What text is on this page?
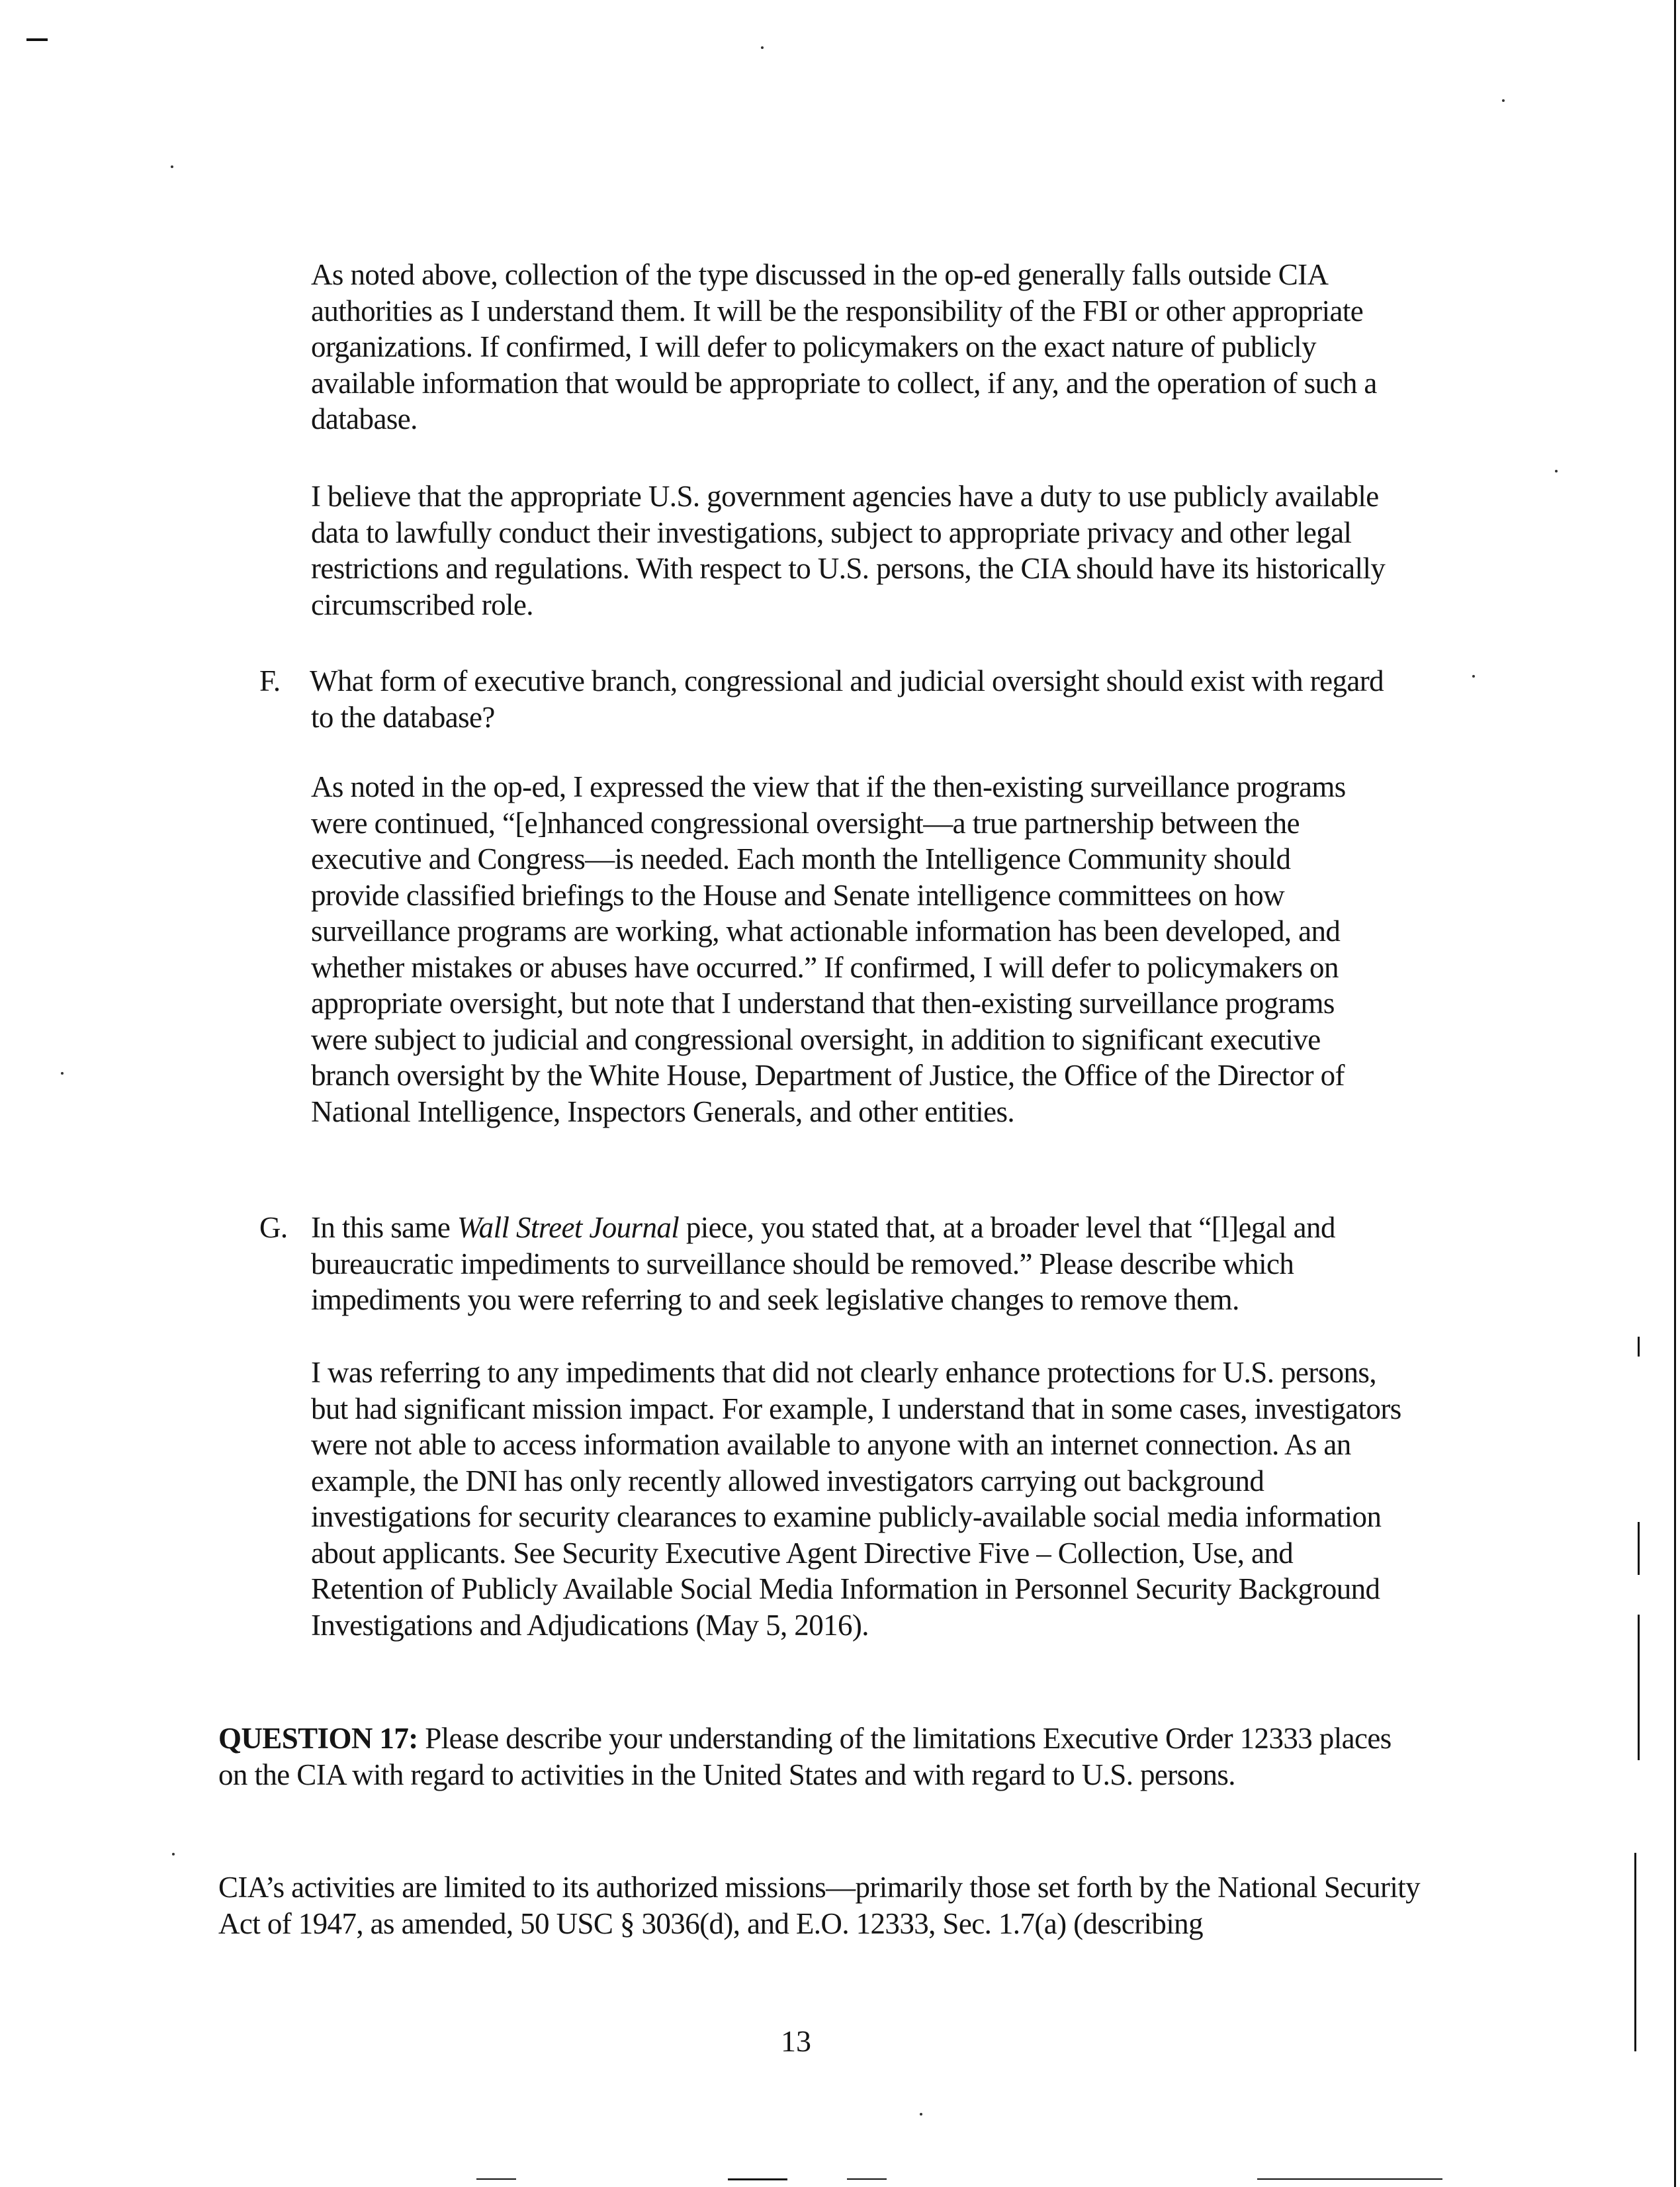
As noted above, collection of the type discussed in the op-ed generally falls outside CIA authorities as I understand them. It will be the responsibility of the FBI or other appropriate organizations. If confirmed, I will defer to policymakers on the exact nature of publicly available information that would be appropriate to collect, if any, and the operation of such a database.

I believe that the appropriate U.S. government agencies have a duty to use publicly available data to lawfully conduct their investigations, subject to appropriate privacy and other legal restrictions and regulations. With respect to U.S. persons, the CIA should have its historically circumscribed role.

F. What form of executive branch, congressional and judicial oversight should exist with regard to the database?

As noted in the op-ed, I expressed the view that if the then-existing surveillance programs were continued, “[e]nhanced congressional oversight—a true partnership between the executive and Congress—is needed. Each month the Intelligence Community should provide classified briefings to the House and Senate intelligence committees on how surveillance programs are working, what actionable information has been developed, and whether mistakes or abuses have occurred.” If confirmed, I will defer to policymakers on appropriate oversight, but note that I understand that then-existing surveillance programs were subject to judicial and congressional oversight, in addition to significant executive branch oversight by the White House, Department of Justice, the Office of the Director of National Intelligence, Inspectors Generals, and other entities.

G. In this same Wall Street Journal piece, you stated that, at a broader level that “[l]egal and bureaucratic impediments to surveillance should be removed.” Please describe which impediments you were referring to and seek legislative changes to remove them.

I was referring to any impediments that did not clearly enhance protections for U.S. persons, but had significant mission impact. For example, I understand that in some cases, investigators were not able to access information available to anyone with an internet connection. As an example, the DNI has only recently allowed investigators carrying out background investigations for security clearances to examine publicly-available social media information about applicants. See Security Executive Agent Directive Five – Collection, Use, and Retention of Publicly Available Social Media Information in Personnel Security Background Investigations and Adjudications (May 5, 2016).

QUESTION 17: Please describe your understanding of the limitations Executive Order 12333 places on the CIA with regard to activities in the United States and with regard to U.S. persons.

CIA’s activities are limited to its authorized missions—primarily those set forth by the National Security Act of 1947, as amended, 50 USC § 3036(d), and E.O. 12333, Sec. 1.7(a) (describing

13
